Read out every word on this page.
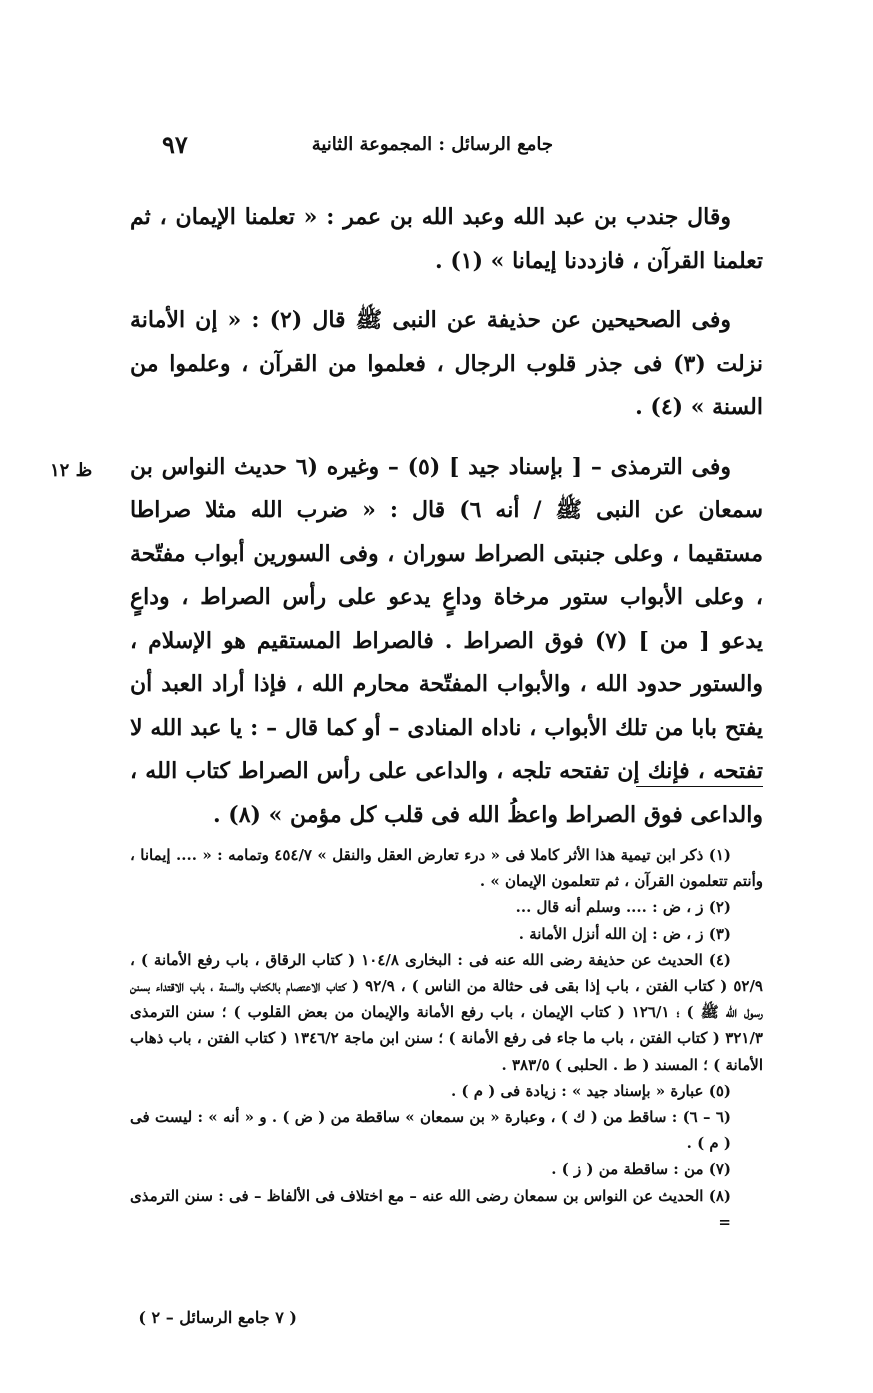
جامع الرسائل : المجموعة الثانية
٩٧
ظ ١٢

وقال جندب بن عبد الله وعبد الله بن عمر : « تعلمنا الإيمان ، ثم تعلمنا القرآن ، فازددنا إيمانا » (١) .

وفى الصحيحين عن حذيفة عن النبى ﷺ قال (٢) : « إن الأمانة نزلت (٣) فى جذر قلوب الرجال ، فعلموا من القرآن ، وعلموا من السنة » (٤) .

وفى الترمذى – [ بإسناد جيد ] (٥) – وغيره (٦ حديث النواس بن سمعان عن النبى ﷺ / أنه ٦) قال : « ضرب الله مثلا صراطا مستقيما ، وعلى جنبتى الصراط سوران ، وفى السورين أبواب مفتّحة ، وعلى الأبواب ستور مرخاة وداعٍ يدعو على رأس الصراط ، وداعٍ يدعو [ من ] (٧) فوق الصراط . فالصراط المستقيم هو الإسلام ، والستور حدود الله ، والأبواب المفتّحة محارم الله ، فإذا أراد العبد أن يفتح بابا من تلك الأبواب ، ناداه المنادى – أو كما قال – : يا عبد الله لا تفتحه ، فإنك إن تفتحه تلجه ، والداعى على رأس الصراط كتاب الله ، والداعى فوق الصراط واعظُ الله فى قلب كل مؤمن » (٨) .

(١) ذكر ابن تيمية هذا الأثر كاملا فى « درء تعارض العقل والنقل » ٤٥٤/٧ وتمامه : « .... إيمانا ، وأنتم تتعلمون القرآن ، ثم تتعلمون الإيمان » .

(٢) ز ، ض : .... وسلم أنه قال ...

(٣) ز ، ض : إن الله أنزل الأمانة .

(٤) الحديث عن حذيفة رضى الله عنه فى : البخارى ١٠٤/٨ ( كتاب الرقاق ، باب رفع الأمانة ) ، ٥٢/٩ ( كتاب الفتن ، باب إذا بقى فى حثالة من الناس ) ، ٩٢/٩ ( كتاب الاعتصام بالكتاب والسنة ، باب الاقتداء بسنن رسول الله ﷺ ) ؛ ١٢٦/١ ( كتاب الإيمان ، باب رفع الأمانة والإيمان من بعض القلوب ) ؛ سنن الترمذى ٣٢١/٣ ( كتاب الفتن ، باب ما جاء فى رفع الأمانة ) ؛ سنن ابن ماجة ١٣٤٦/٢ ( كتاب الفتن ، باب ذهاب الأمانة ) ؛ المسند ( ط . الحلبى ) ٣٨٣/٥ .

(٥) عبارة « بإسناد جيد » : زيادة فى ( م ) .

(٦ – ٦) : ساقط من ( ك ) ، وعبارة « بن سمعان » ساقطة من ( ض ) . و « أنه » : ليست فى ( م ) .

(٧) من : ساقطة من ( ز ) .

(٨) الحديث عن النواس بن سمعان رضى الله عنه – مع اختلاف فى الألفاظ – فى : سنن الترمذى =

( ٧ جامع الرسائل – ٢ )
